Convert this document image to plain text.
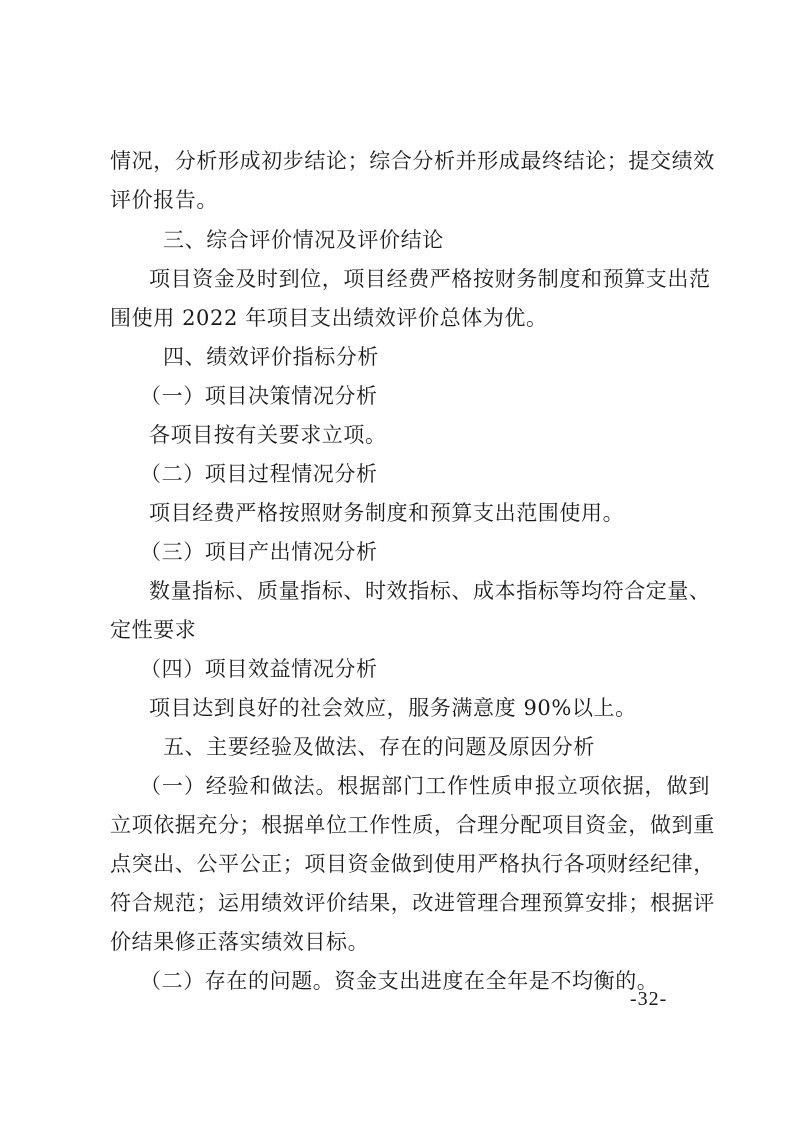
情况，分析形成初步结论；综合分析并形成最终结论；提交绩效
评价报告。
三、综合评价情况及评价结论
项目资金及时到位，项目经费严格按财务制度和预算支出范
围使用 2022 年项目支出绩效评价总体为优。
四、绩效评价指标分析
（一）项目决策情况分析
各项目按有关要求立项。
（二）项目过程情况分析
项目经费严格按照财务制度和预算支出范围使用。
（三）项目产出情况分析
数量指标、质量指标、时效指标、成本指标等均符合定量、
定性要求
（四）项目效益情况分析
项目达到良好的社会效应，服务满意度 90%以上。
五、主要经验及做法、存在的问题及原因分析
（一）经验和做法。根据部门工作性质申报立项依据，做到
立项依据充分；根据单位工作性质，合理分配项目资金，做到重
点突出、公平公正；项目资金做到使用严格执行各项财经纪律，
符合规范；运用绩效评价结果，改进管理合理预算安排；根据评
价结果修正落实绩效目标。
（二）存在的问题。资金支出进度在全年是不均衡的。
-32-
